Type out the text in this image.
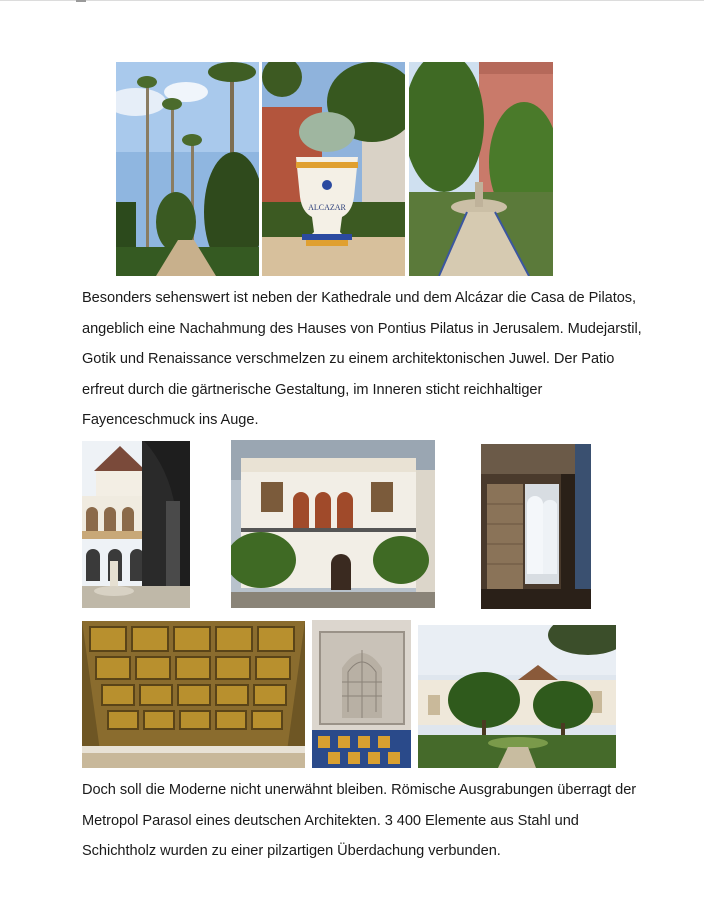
ALCAZAR

Besonders sehenswert ist neben der Kathedrale und dem Alcázar die Casa de Pilatos, angeblich eine Nachahmung des Hauses von Pontius Pilatus in Jerusalem. Mudejarstil, Gotik und Renaissance verschmelzen zu einem architektonischen Juwel. Der Patio erfreut durch die gärtnerische Gestaltung, im Inneren sticht reichhaltiger Fayenceschmuck ins Auge.

Doch soll die Moderne nicht unerwähnt bleiben. Römische Ausgrabungen überragt der Metropol Parasol eines deutschen Architekten. 3 400 Elemente aus Stahl und Schichtholz wurden zu einer pilzartigen Überdachung verbunden.
